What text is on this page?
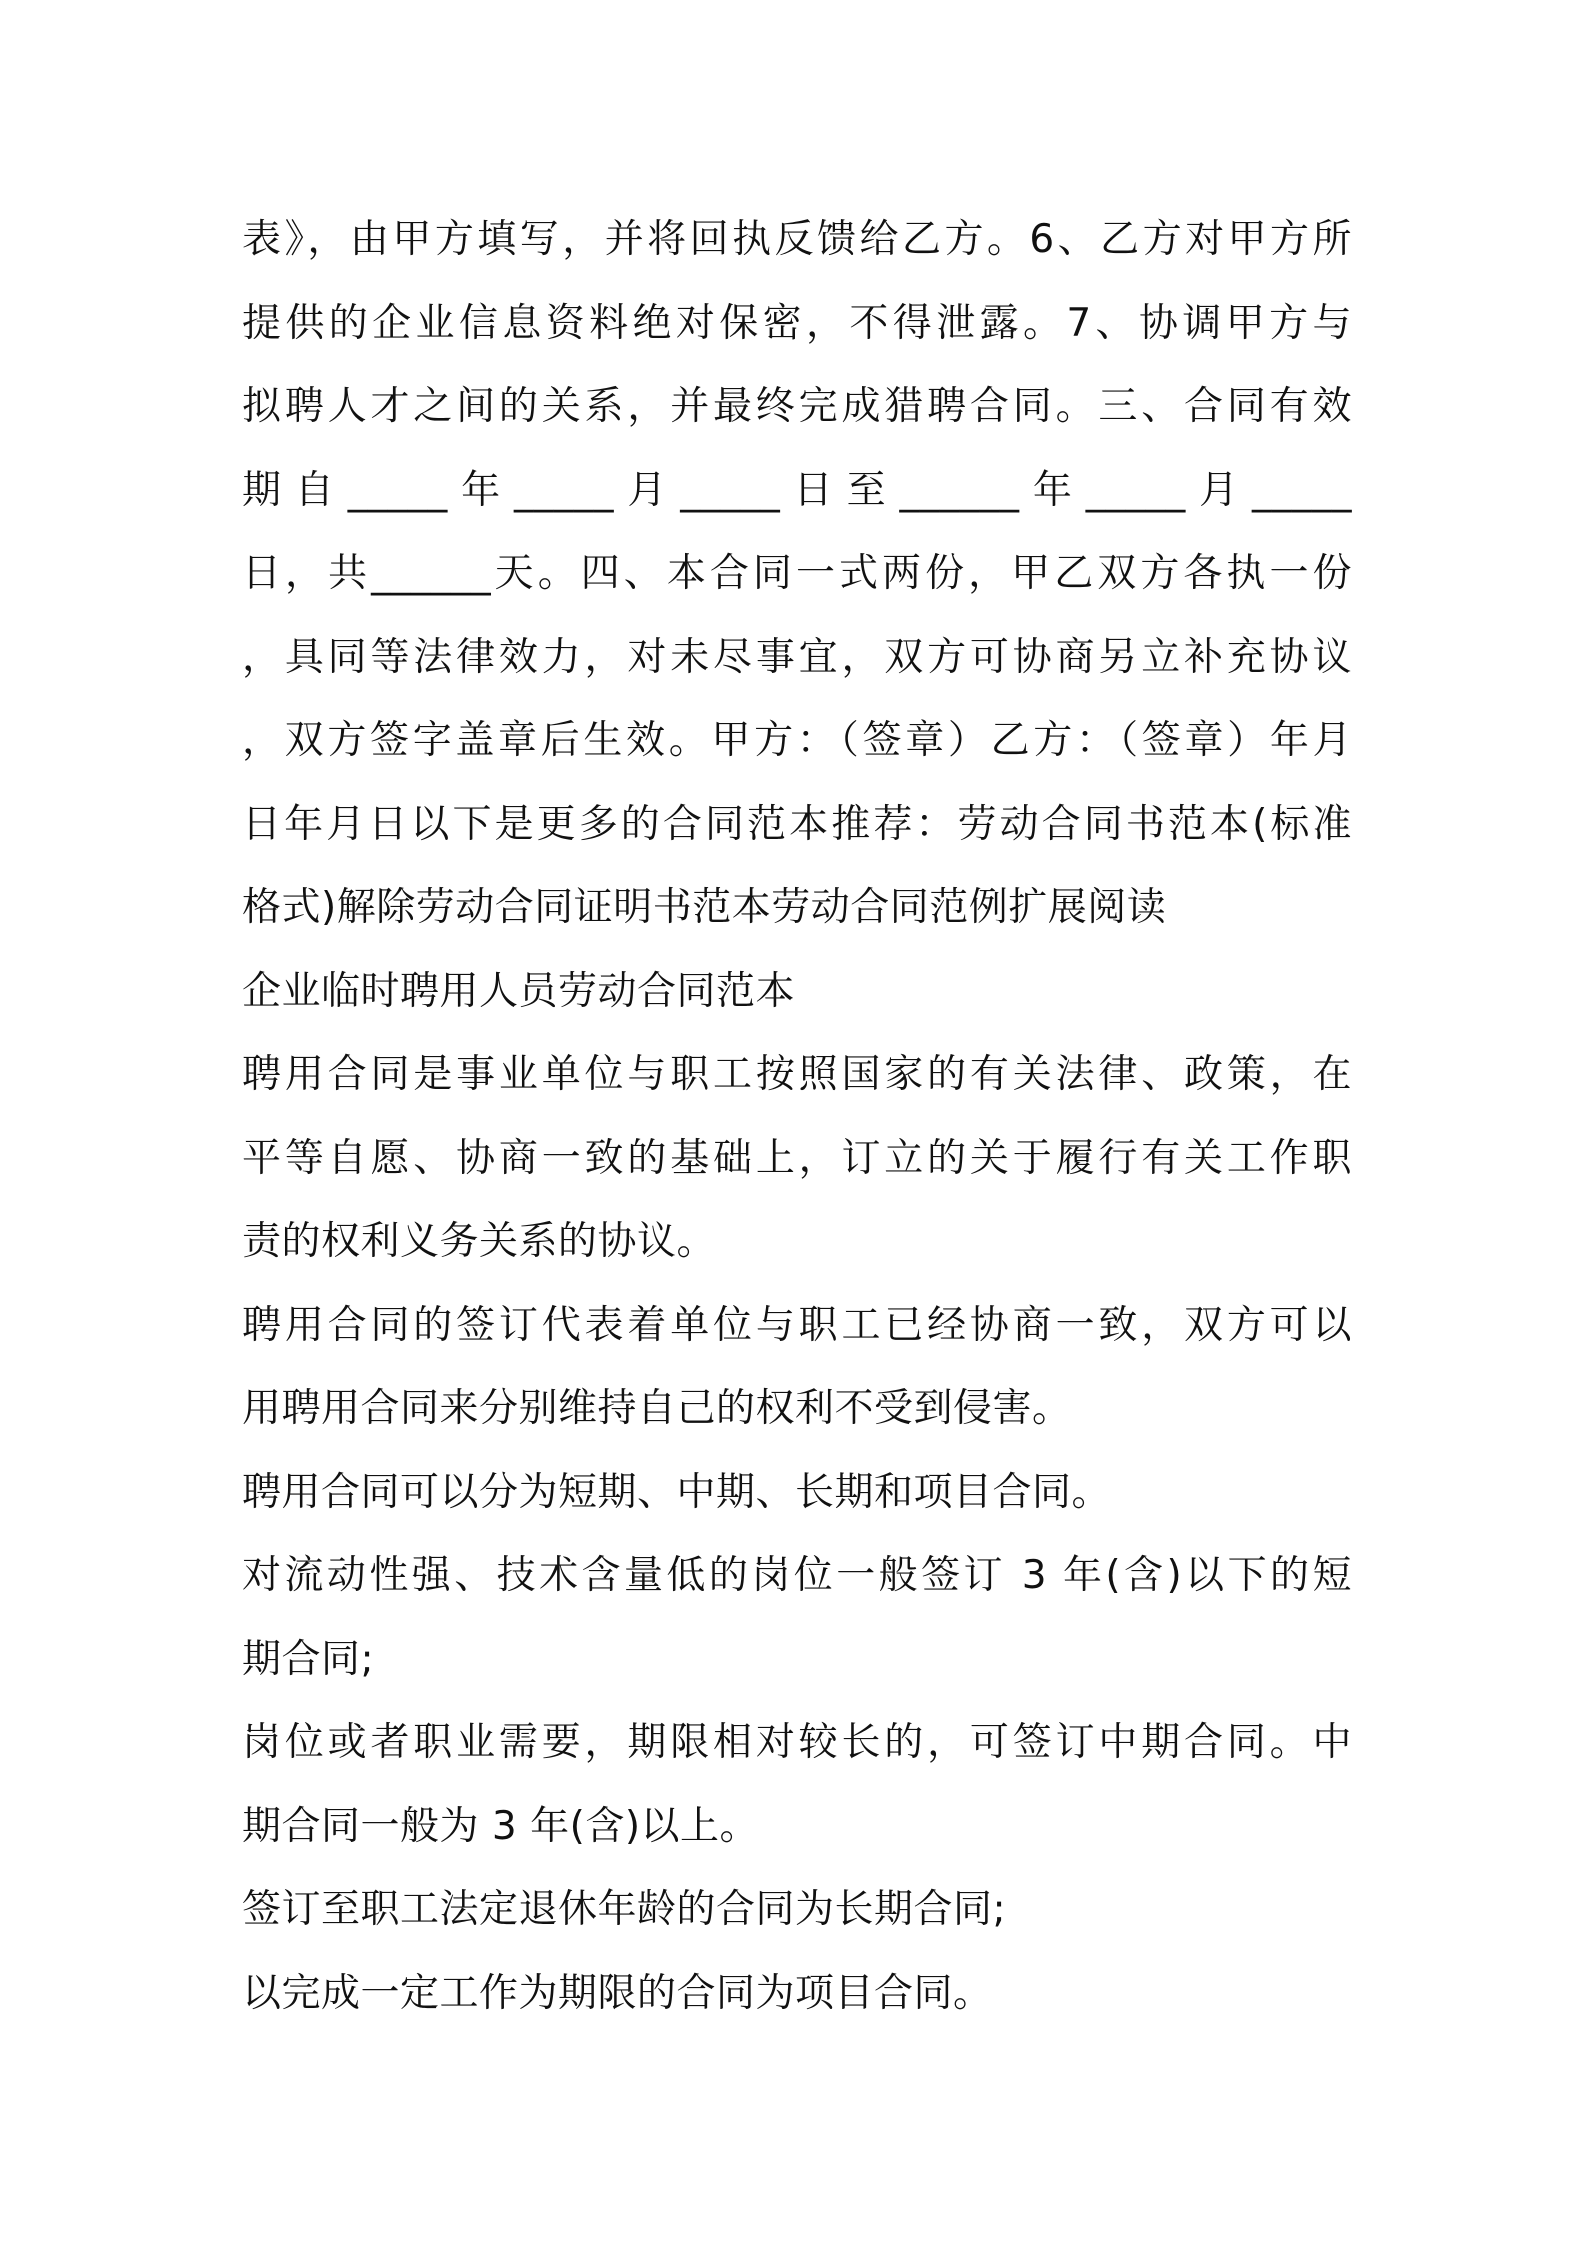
表》，由甲方填写，并将回执反馈给乙方。6、乙方对甲方所
提供的企业信息资料绝对保密，不得泄露。7、协调甲方与
拟聘人才之间的关系，并最终完成猎聘合同。三、合同有效
期自_____年_____月_____日至______年_____月_____
日，共______天。四、本合同一式两份，甲乙双方各执一份
，具同等法律效力，对未尽事宜，双方可协商另立补充协议
，双方签字盖章后生效。甲方：（签章）乙方：（签章）年月
日年月日以下是更多的合同范本推荐：劳动合同书范本(标准
格式)解除劳动合同证明书范本劳动合同范例扩展阅读
企业临时聘用人员劳动合同范本
聘用合同是事业单位与职工按照国家的有关法律、政策，在
平等自愿、协商一致的基础上，订立的关于履行有关工作职
责的权利义务关系的协议。
聘用合同的签订代表着单位与职工已经协商一致，双方可以
用聘用合同来分别维持自己的权利不受到侵害。
聘用合同可以分为短期、中期、长期和项目合同。
对流动性强、技术含量低的岗位一般签订 3 年(含)以下的短
期合同;
岗位或者职业需要，期限相对较长的，可签订中期合同。中
期合同一般为 3 年(含)以上。
签订至职工法定退休年龄的合同为长期合同;
以完成一定工作为期限的合同为项目合同。
